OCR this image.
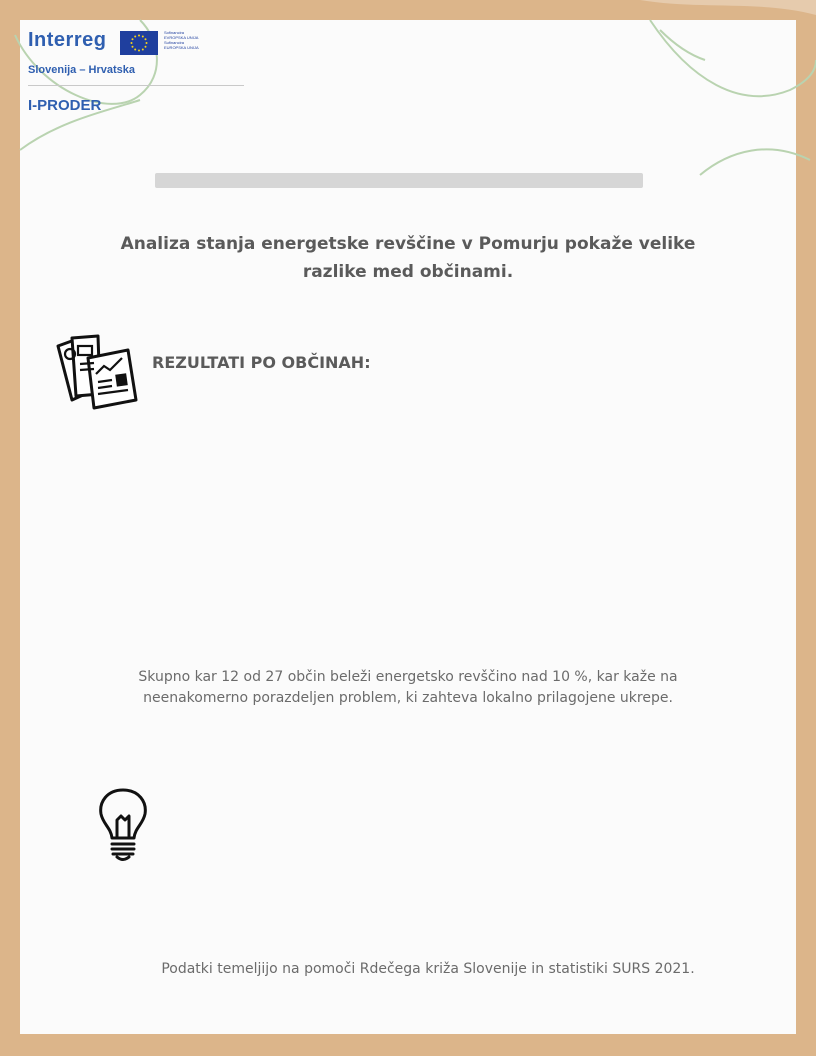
Interreg	Sofinancira
EVROPSKA UNIJA
Sufinancira
EUROPSKA UNIJA
Slovenija – Hrvatska
I-PRODER
Analiza stanja energetske revščine v Pomurju pokaže velike
razlike med občinami.
REZULTATI PO OBČINAH:
Skupno kar 12 od 27 občin beleži energetsko revščino nad 10 %, kar kaže na neenakomerno porazdeljen problem, ki zahteva lokalno prilagojene ukrepe.
Podatki temeljijo na pomoči Rdečega križa Slovenije in statistiki SURS 2021.
